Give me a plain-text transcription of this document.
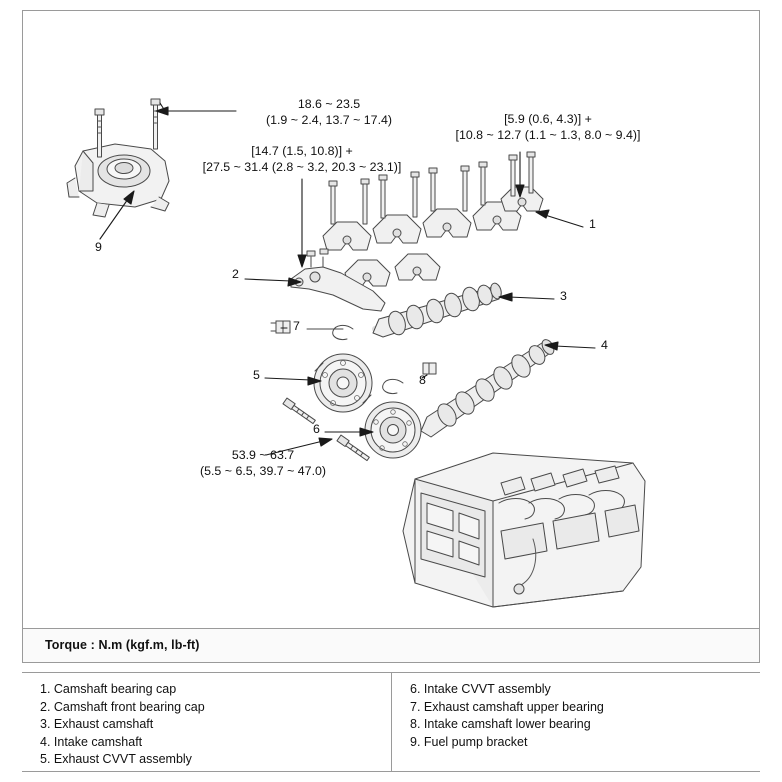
18.6 ~ 23.5
(1.9 ~ 2.4, 13.7 ~ 17.4)	[5.9 (0.6, 4.3)] +
[10.8 ~ 12.7 (1.1 ~ 1.3, 8.0 ~ 9.4)]
[14.7 (1.5, 10.8)] +
[27.5 ~ 31.4 (2.8 ~ 3.2, 20.3 ~ 23.1)]
53.9 ~ 63.7
(5.5 ~ 6.5, 39.7 ~ 47.0)
1
2
3
4
5
6
7
8
9
Torque : N.m (kgf.m, lb-ft)
1. Camshaft bearing cap
2. Camshaft front bearing cap
3. Exhaust camshaft
4. Intake camshaft
5. Exhaust CVVT assembly
6. Intake CVVT assembly
7. Exhaust camshaft upper bearing
8. Intake camshaft lower bearing
9. Fuel pump bracket
